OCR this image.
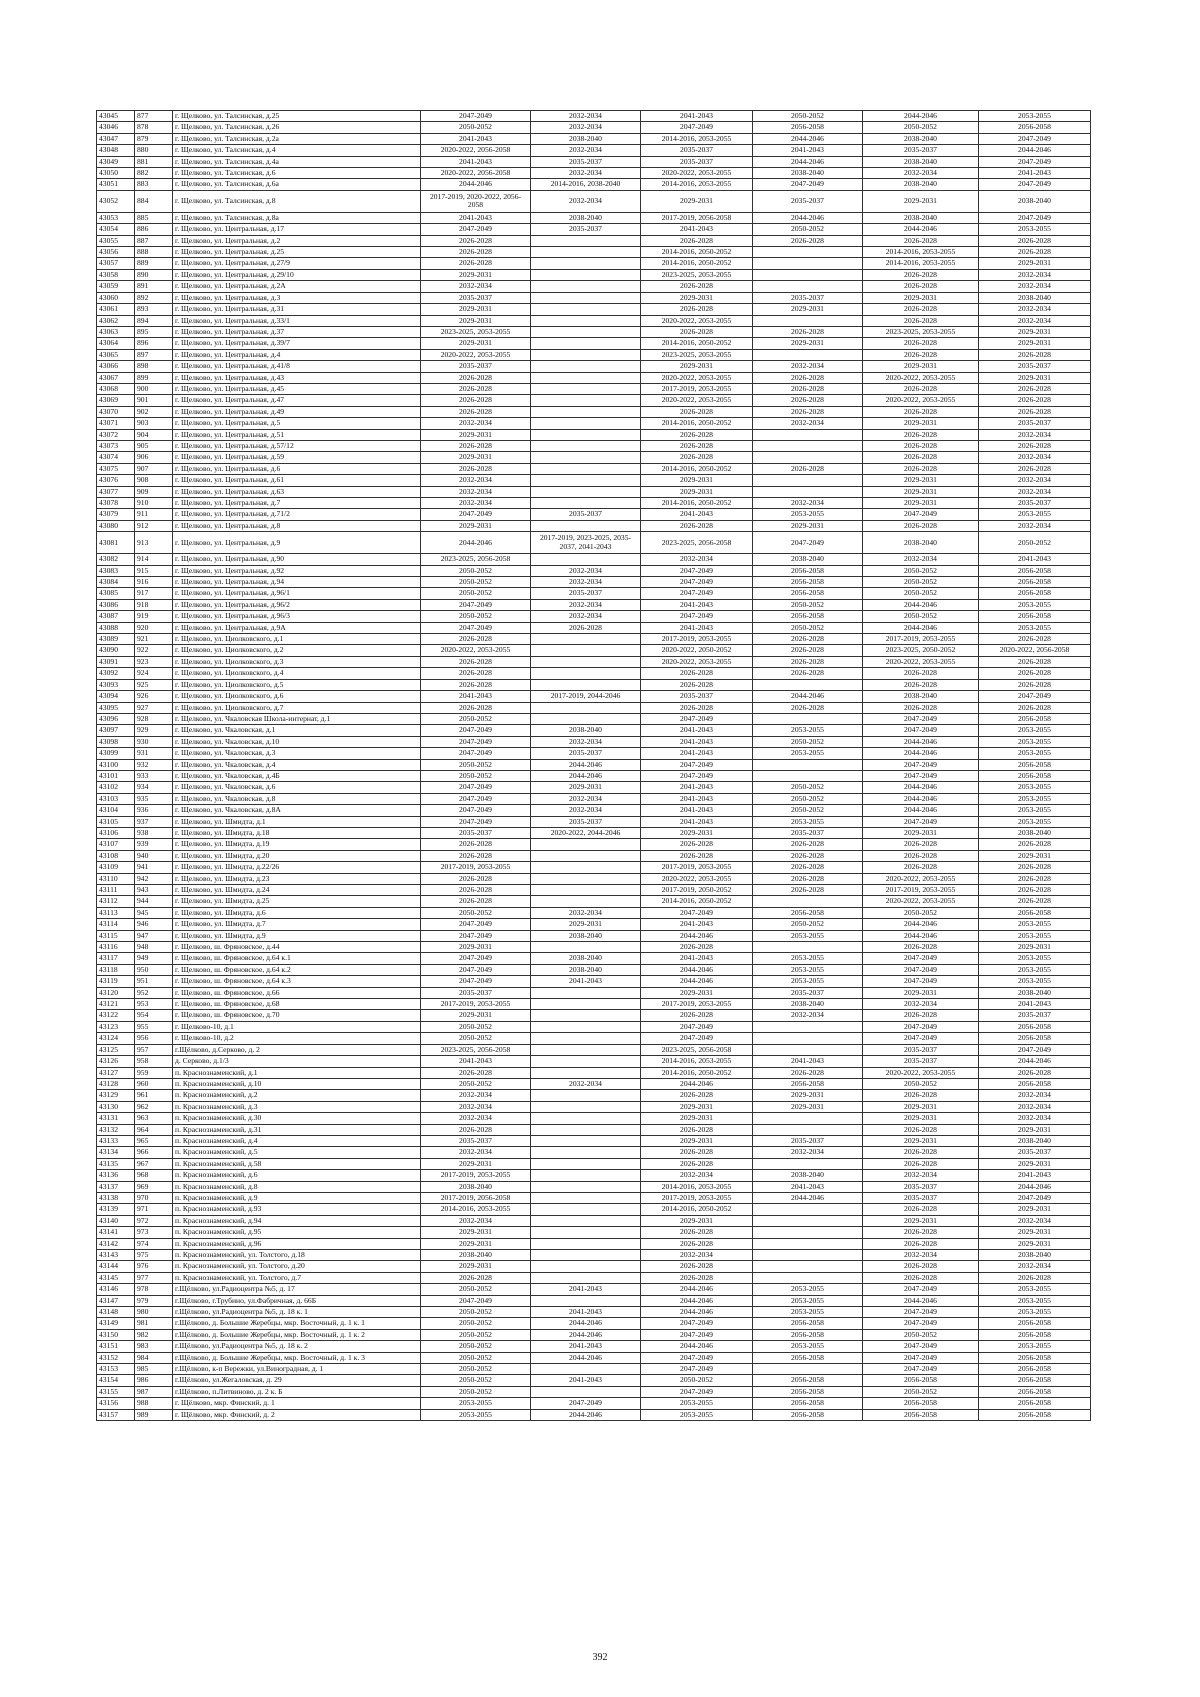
43045	877	г. Щелково, ул. Талсинская, д.25	2047-2049	2032-2034	2041-2043	2050-2052	2044-2046	2053-2055
43046	878	г. Щелково, ул. Талсинская, д.26	2050-2052	2032-2034	2047-2049	2056-2058	2050-2052	2056-2058
43047	879	г. Щелково, ул. Талсинская, д.2а	2041-2043	2038-2040	2014-2016, 2053-2055	2044-2046	2038-2040	2047-2049
43048	880	г. Щелково, ул. Талсинская, д.4	2020-2022, 2056-2058	2032-2034	2035-2037	2041-2043	2035-2037	2044-2046
43049	881	г. Щелково, ул. Талсинская, д.4а	2041-2043	2035-2037	2035-2037	2044-2046	2038-2040	2047-2049
43050	882	г. Щелково, ул. Талсинская, д.6	2020-2022, 2056-2058	2032-2034	2020-2022, 2053-2055	2038-2040	2032-2034	2041-2043
43051	883	г. Щелково, ул. Талсинская, д.6а	2044-2046	2014-2016, 2038-2040	2014-2016, 2053-2055	2047-2049	2038-2040	2047-2049
43052	884	г. Щелково, ул. Талсинская, д.8	2017-2019, 2020-2022, 2056-2058	2032-2034	2029-2031	2035-2037	2029-2031	2038-2040
43053	885	г. Щелково, ул. Талсинская, д.8а	2041-2043	2038-2040	2017-2019, 2056-2058	2044-2046	2038-2040	2047-2049
43054	886	г. Щелково, ул. Центральная, д.17	2047-2049	2035-2037	2041-2043	2050-2052	2044-2046	2053-2055
43055	887	г. Щелково, ул. Центральная, д.2	2026-2028		2026-2028	2026-2028	2026-2028	2026-2028
43056	888	г. Щелково, ул. Центральная, д.25	2026-2028		2014-2016, 2050-2052		2014-2016, 2053-2055	2026-2028
43057	889	г. Щелково, ул. Центральная, д.27/9	2026-2028		2014-2016, 2050-2052		2014-2016, 2053-2055	2029-2031
43058	890	г. Щелково, ул. Центральная, д.29/10	2029-2031		2023-2025, 2053-2055		2026-2028	2032-2034
43059	891	г. Щелково, ул. Центральная, д.2А	2032-2034		2026-2028		2026-2028	2032-2034
43060	892	г. Щелково, ул. Центральная, д.3	2035-2037		2029-2031	2035-2037	2029-2031	2038-2040
43061	893	г. Щелково, ул. Центральная, д.31	2029-2031		2026-2028	2029-2031	2026-2028	2032-2034
43062	894	г. Щелково, ул. Центральная, д.33/1	2029-2031		2020-2022, 2053-2055		2026-2028	2032-2034
43063	895	г. Щелково, ул. Центральная, д.37	2023-2025, 2053-2055		2026-2028	2026-2028	2023-2025, 2053-2055	2029-2031
43064	896	г. Щелково, ул. Центральная, д.39/7	2029-2031		2014-2016, 2050-2052	2029-2031	2026-2028	2029-2031
43065	897	г. Щелково, ул. Центральная, д.4	2020-2022, 2053-2055		2023-2025, 2053-2055		2026-2028	2026-2028
43066	898	г. Щелково, ул. Центральная, д.41/8	2035-2037		2029-2031	2032-2034	2029-2031	2035-2037
43067	899	г. Щелково, ул. Центральная, д.43	2026-2028		2020-2022, 2053-2055	2026-2028	2020-2022, 2053-2055	2029-2031
43068	900	г. Щелково, ул. Центральная, д.45	2026-2028		2017-2019, 2053-2055	2026-2028	2026-2028	2026-2028
43069	901	г. Щелково, ул. Центральная, д.47	2026-2028		2020-2022, 2053-2055	2026-2028	2020-2022, 2053-2055	2026-2028
43070	902	г. Щелково, ул. Центральная, д.49	2026-2028		2026-2028	2026-2028	2026-2028	2026-2028
43071	903	г. Щелково, ул. Центральная, д.5	2032-2034		2014-2016, 2050-2052	2032-2034	2029-2031	2035-2037
43072	904	г. Щелково, ул. Центральная, д.51	2029-2031		2026-2028		2026-2028	2032-2034
43073	905	г. Щелково, ул. Центральная, д.57/12	2026-2028		2026-2028		2026-2028	2026-2028
43074	906	г. Щелково, ул. Центральная, д.59	2029-2031		2026-2028		2026-2028	2032-2034
43075	907	г. Щелково, ул. Центральная, д.6	2026-2028		2014-2016, 2050-2052	2026-2028	2026-2028	2026-2028
43076	908	г. Щелково, ул. Центральная, д.61	2032-2034		2029-2031		2029-2031	2032-2034
43077	909	г. Щелково, ул. Центральная, д.63	2032-2034		2029-2031		2029-2031	2032-2034
43078	910	г. Щелково, ул. Центральная, д.7	2032-2034		2014-2016, 2050-2052	2032-2034	2029-2031	2035-2037
43079	911	г. Щелково, ул. Центральная, д.71/2	2047-2049	2035-2037	2041-2043	2053-2055	2047-2049	2053-2055
43080	912	г. Щелково, ул. Центральная, д.8	2029-2031		2026-2028	2029-2031	2026-2028	2032-2034
43081	913	г. Щелково, ул. Центральная, д.9	2044-2046	2017-2019, 2023-2025, 2035-2037, 2041-2043	2023-2025, 2056-2058	2047-2049	2038-2040	2050-2052
43082	914	г. Щелково, ул. Центральная, д.90	2023-2025, 2056-2058		2032-2034	2038-2040	2032-2034	2041-2043
43083	915	г. Щелково, ул. Центральная, д.92	2050-2052	2032-2034	2047-2049	2056-2058	2050-2052	2056-2058
43084	916	г. Щелково, ул. Центральная, д.94	2050-2052	2032-2034	2047-2049	2056-2058	2050-2052	2056-2058
43085	917	г. Щелково, ул. Центральная, д.96/1	2050-2052	2035-2037	2047-2049	2056-2058	2050-2052	2056-2058
43086	918	г. Щелково, ул. Центральная, д.96/2	2047-2049	2032-2034	2041-2043	2050-2052	2044-2046	2053-2055
43087	919	г. Щелково, ул. Центральная, д.96/3	2050-2052	2032-2034	2047-2049	2056-2058	2050-2052	2056-2058
43088	920	г. Щелково, ул. Центральная, д.9А	2047-2049	2026-2028	2041-2043	2050-2052	2044-2046	2053-2055
43089	921	г. Щелково, ул. Циолковского, д.1	2026-2028		2017-2019, 2053-2055	2026-2028	2017-2019, 2053-2055	2026-2028
43090	922	г. Щелково, ул. Циолковского, д.2	2020-2022, 2053-2055		2020-2022, 2050-2052	2026-2028	2023-2025, 2050-2052	2020-2022, 2056-2058
43091	923	г. Щелково, ул. Циолковского, д.3	2026-2028		2020-2022, 2053-2055	2026-2028	2020-2022, 2053-2055	2026-2028
43092	924	г. Щелково, ул. Циолковского, д.4	2026-2028		2026-2028	2026-2028	2026-2028	2026-2028
43093	925	г. Щелково, ул. Циолковского, д.5	2026-2028		2026-2028		2026-2028	2026-2028
43094	926	г. Щелково, ул. Циолковского, д.6	2041-2043	2017-2019, 2044-2046	2035-2037	2044-2046	2038-2040	2047-2049
43095	927	г. Щелково, ул. Циолковского, д.7	2026-2028		2026-2028	2026-2028	2026-2028	2026-2028
43096	928	г. Щелково, ул. Чкаловская Школа-интернат, д.1	2050-2052		2047-2049		2047-2049	2056-2058
43097	929	г. Щелково, ул. Чкаловская, д.1	2047-2049	2038-2040	2041-2043	2053-2055	2047-2049	2053-2055
43098	930	г. Щелково, ул. Чкаловская, д.10	2047-2049	2032-2034	2041-2043	2050-2052	2044-2046	2053-2055
43099	931	г. Щелково, ул. Чкаловская, д.3	2047-2049	2035-2037	2041-2043	2053-2055	2044-2046	2053-2055
43100	932	г. Щелково, ул. Чкаловская, д.4	2050-2052	2044-2046	2047-2049		2047-2049	2056-2058
43101	933	г. Щелково, ул. Чкаловская, д.4Б	2050-2052	2044-2046	2047-2049		2047-2049	2056-2058
43102	934	г. Щелково, ул. Чкаловская, д.6	2047-2049	2029-2031	2041-2043	2050-2052	2044-2046	2053-2055
43103	935	г. Щелково, ул. Чкаловская, д.8	2047-2049	2032-2034	2041-2043	2050-2052	2044-2046	2053-2055
43104	936	г. Щелково, ул. Чкаловская, д.8А	2047-2049	2032-2034	2041-2043	2050-2052	2044-2046	2053-2055
43105	937	г. Щелково, ул. Шмидта, д.1	2047-2049	2035-2037	2041-2043	2053-2055	2047-2049	2053-2055
43106	938	г. Щелково, ул. Шмидта, д.18	2035-2037	2020-2022, 2044-2046	2029-2031	2035-2037	2029-2031	2038-2040
43107	939	г. Щелково, ул. Шмидта, д.19	2026-2028		2026-2028	2026-2028	2026-2028	2026-2028
43108	940	г. Щелково, ул. Шмидта, д.20	2026-2028		2026-2028	2026-2028	2026-2028	2029-2031
43109	941	г. Щелково, ул. Шмидта, д.22/26	2017-2019, 2053-2055		2017-2019, 2053-2055	2026-2028	2026-2028	2026-2028
43110	942	г. Щелково, ул. Шмидта, д.23	2026-2028		2020-2022, 2053-2055	2026-2028	2020-2022, 2053-2055	2026-2028
43111	943	г. Щелково, ул. Шмидта, д.24	2026-2028		2017-2019, 2050-2052	2026-2028	2017-2019, 2053-2055	2026-2028
43112	944	г. Щелково, ул. Шмидта, д.25	2026-2028		2014-2016, 2050-2052		2020-2022, 2053-2055	2026-2028
43113	945	г. Щелково, ул. Шмидта, д.6	2050-2052	2032-2034	2047-2049	2056-2058	2050-2052	2056-2058
43114	946	г. Щелково, ул. Шмидта, д.7	2047-2049	2029-2031	2041-2043	2050-2052	2044-2046	2053-2055
43115	947	г. Щелково, ул. Шмидта, д.9	2047-2049	2038-2040	2044-2046	2053-2055	2044-2046	2053-2055
43116	948	г. Щелково, ш. Фряновское, д.44	2029-2031		2026-2028		2026-2028	2029-2031
43117	949	г. Щелково, ш. Фряновское, д.64 к.1	2047-2049	2038-2040	2041-2043	2053-2055	2047-2049	2053-2055
43118	950	г. Щелково, ш. Фряновское, д.64 к.2	2047-2049	2038-2040	2044-2046	2053-2055	2047-2049	2053-2055
43119	951	г. Щелково, ш. Фряновское, д.64 к.3	2047-2049	2041-2043	2044-2046	2053-2055	2047-2049	2053-2055
43120	952	г. Щелково, ш. Фряновское, д.66	2035-2037		2029-2031	2035-2037	2029-2031	2038-2040
43121	953	г. Щелково, ш. Фряновское, д.68	2017-2019, 2053-2055		2017-2019, 2053-2055	2038-2040	2032-2034	2041-2043
43122	954	г. Щелково, ш. Фряновское, д.70	2029-2031		2026-2028	2032-2034	2026-2028	2035-2037
43123	955	г. Щелково-10, д.1	2050-2052		2047-2049		2047-2049	2056-2058
43124	956	г. Щелково-10, д.2	2050-2052		2047-2049		2047-2049	2056-2058
43125	957	г.Щёлково, д.Серково, д. 2	2023-2025, 2056-2058		2023-2025, 2056-2058		2035-2037	2047-2049
43126	958	д. Серково, д.1/3	2041-2043		2014-2016, 2053-2055	2041-2043	2035-2037	2044-2046
43127	959	п. Краснознаменский, д.1	2026-2028		2014-2016, 2050-2052	2026-2028	2020-2022, 2053-2055	2026-2028
43128	960	п. Краснознаменский, д.10	2050-2052	2032-2034	2044-2046	2056-2058	2050-2052	2056-2058
43129	961	п. Краснознаменский, д.2	2032-2034		2026-2028	2029-2031	2026-2028	2032-2034
43130	962	п. Краснознаменский, д.3	2032-2034		2029-2031	2029-2031	2029-2031	2032-2034
43131	963	п. Краснознаменский, д.30	2032-2034		2029-2031		2029-2031	2032-2034
43132	964	п. Краснознаменский, д.31	2026-2028		2026-2028		2026-2028	2029-2031
43133	965	п. Краснознаменский, д.4	2035-2037		2029-2031	2035-2037	2029-2031	2038-2040
43134	966	п. Краснознаменский, д.5	2032-2034		2026-2028	2032-2034	2026-2028	2035-2037
43135	967	п. Краснознаменский, д.58	2029-2031		2026-2028		2026-2028	2029-2031
43136	968	п. Краснознаменский, д.6	2017-2019, 2053-2055		2032-2034	2038-2040	2032-2034	2041-2043
43137	969	п. Краснознаменский, д.8	2038-2040		2014-2016, 2053-2055	2041-2043	2035-2037	2044-2046
43138	970	п. Краснознаменский, д.9	2017-2019, 2056-2058		2017-2019, 2053-2055	2044-2046	2035-2037	2047-2049
43139	971	п. Краснознаменский, д.93	2014-2016, 2053-2055		2014-2016, 2050-2052		2026-2028	2029-2031
43140	972	п. Краснознаменский, д.94	2032-2034		2029-2031		2029-2031	2032-2034
43141	973	п. Краснознаменский, д.95	2029-2031		2026-2028		2026-2028	2029-2031
43142	974	п. Краснознаменский, д.96	2029-2031		2026-2028		2026-2028	2029-2031
43143	975	п. Краснознаменский, ул. Толстого, д.18	2038-2040		2032-2034		2032-2034	2038-2040
43144	976	п. Краснознаменский, ул. Толстого, д.20	2029-2031		2026-2028		2026-2028	2032-2034
43145	977	п. Краснознаменский, ул. Толстого, д.7	2026-2028		2026-2028		2026-2028	2026-2028
43146	978	г.Щёлково, ул.Радиоцентра №5, д. 17	2050-2052	2041-2043	2044-2046	2053-2055	2047-2049	2053-2055
43147	979	г.Щёлково, г.Трубино, ул.Фабричная, д. 66Б	2047-2049		2044-2046	2053-2055	2044-2046	2053-2055
43148	980	г.Щёлково, ул.Радиоцентра №5, д. 18 к. 1	2050-2052	2041-2043	2044-2046	2053-2055	2047-2049	2053-2055
43149	981	г.Щёлково, д. Большие Жеребцы, мкр. Восточный, д. 1 к. 1	2050-2052	2044-2046	2047-2049	2056-2058	2047-2049	2056-2058
43150	982	г.Щёлково, д. Большие Жеребцы, мкр. Восточный, д. 1 к. 2	2050-2052	2044-2046	2047-2049	2056-2058	2050-2052	2056-2058
43151	983	г.Щёлково, ул.Радиоцентра №5, д. 18 к. 2	2050-2052	2041-2043	2044-2046	2053-2055	2047-2049	2053-2055
43152	984	г.Щёлково, д. Большие Жеребцы, мкр. Восточный, д. 1 к. 3	2050-2052	2044-2046	2047-2049	2056-2058	2047-2049	2056-2058
43153	985	г.Щёлково, к-п Вережки, ул.Виноградная, д. 1	2050-2052		2047-2049		2047-2049	2056-2058
43154	986	г.Щёлково, ул.Жегаловская, д. 29	2050-2052	2041-2043	2050-2052	2056-2058	2056-2058	2056-2058
43155	987	г.Щёлково, п.Литвиново, д. 2 к. Б	2050-2052		2047-2049	2056-2058	2050-2052	2056-2058
43156	988	г. Щёлково, мкр. Финский, д. 1	2053-2055	2047-2049	2053-2055	2056-2058	2056-2058	2056-2058
43157	989	г. Щёлково, мкр. Финский, д. 2	2053-2055	2044-2046	2053-2055	2056-2058	2056-2058	2056-2058
392
